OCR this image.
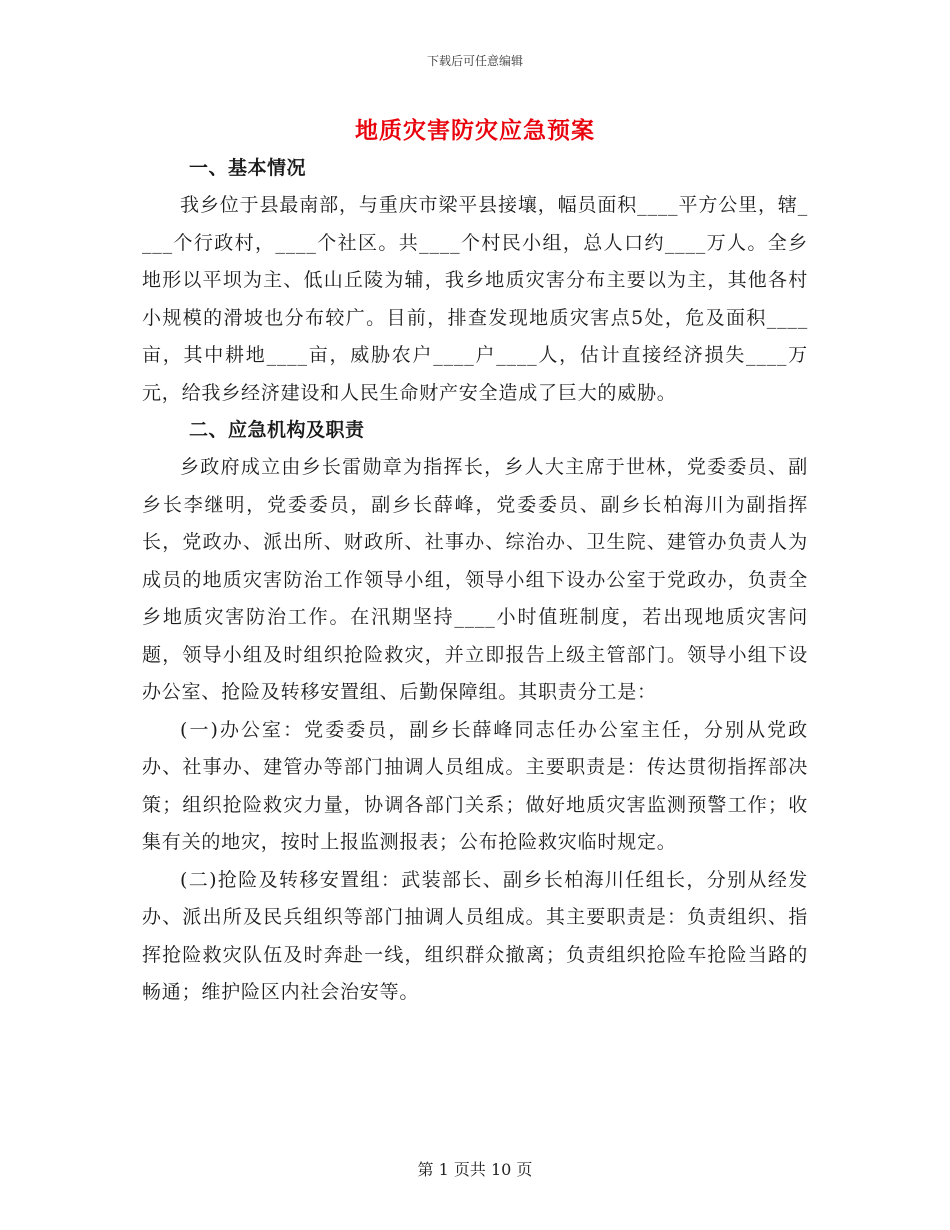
下载后可任意编辑
地质灾害防灾应急预案
一、基本情况

我乡位于县最南部，与重庆市梁平县接壤，幅员面积____平方公里，辖____个行政村，____个社区。共____个村民小组，总人口约____万人。全乡地形以平坝为主、低山丘陵为辅，我乡地质灾害分布主要以为主，其他各村小规模的滑坡也分布较广。目前，排查发现地质灾害点5处，危及面积____亩，其中耕地____亩，威胁农户____户____人，估计直接经济损失____万元，给我乡经济建设和人民生命财产安全造成了巨大的威胁。

二、应急机构及职责

乡政府成立由乡长雷勋章为指挥长，乡人大主席于世林，党委委员、副乡长李继明，党委委员，副乡长薛峰，党委委员、副乡长柏海川为副指挥长，党政办、派出所、财政所、社事办、综治办、卫生院、建管办负责人为成员的地质灾害防治工作领导小组，领导小组下设办公室于党政办，负责全乡地质灾害防治工作。在汛期坚持____小时值班制度，若出现地质灾害问题，领导小组及时组织抢险救灾，并立即报告上级主管部门。领导小组下设办公室、抢险及转移安置组、后勤保障组。其职责分工是：

(一)办公室：党委委员，副乡长薛峰同志任办公室主任，分别从党政办、社事办、建管办等部门抽调人员组成。主要职责是：传达贯彻指挥部决策；组织抢险救灾力量，协调各部门关系；做好地质灾害监测预警工作；收集有关的地灾，按时上报监测报表；公布抢险救灾临时规定。

(二)抢险及转移安置组：武装部长、副乡长柏海川任组长，分别从经发办、派出所及民兵组织等部门抽调人员组成。其主要职责是：负责组织、指挥抢险救灾队伍及时奔赴一线，组织群众撤离；负责组织抢险车抢险当路的畅通；维护险区内社会治安等。

第 1 页共 10 页
